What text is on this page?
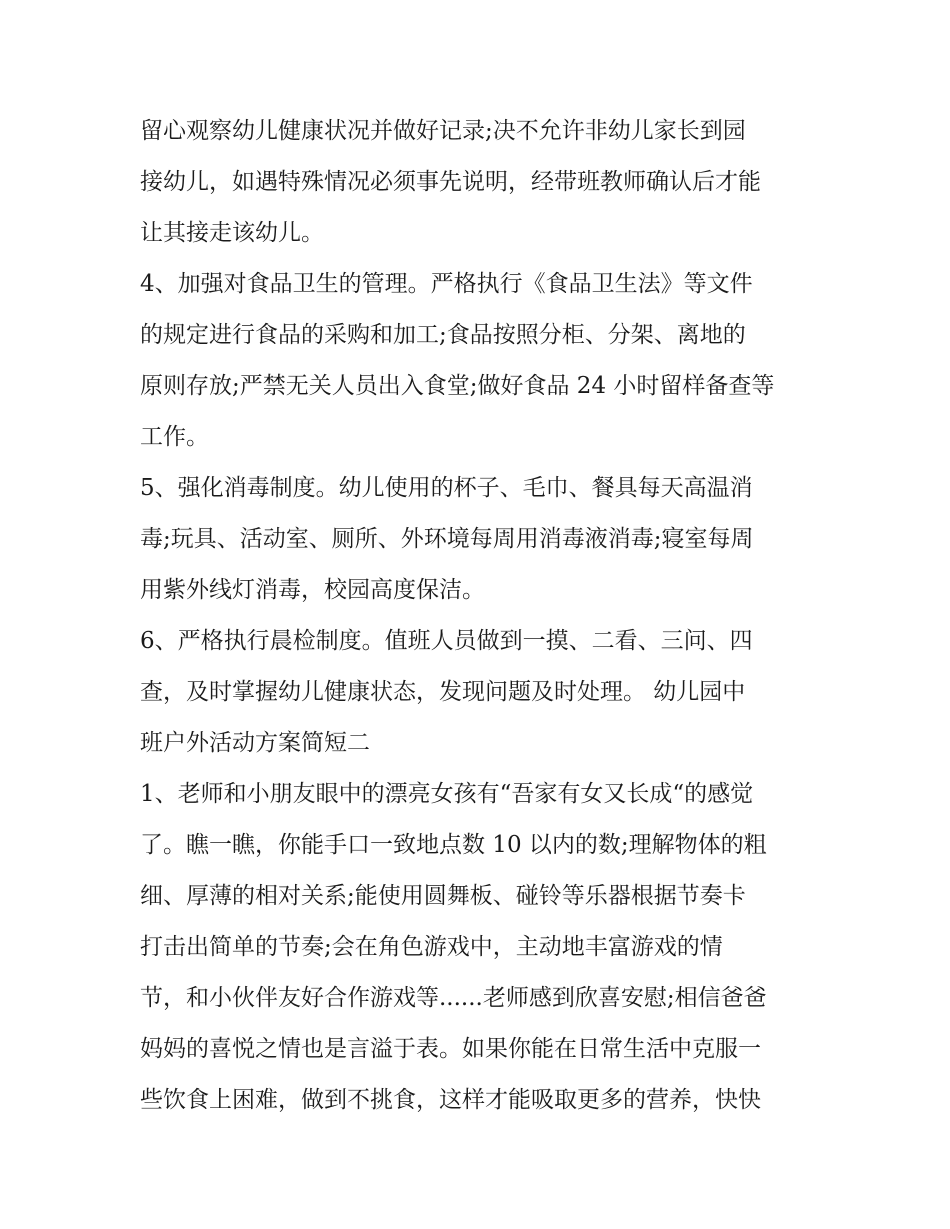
留心观察幼儿健康状况并做好记录;决不允许非幼儿家长到园
接幼儿，如遇特殊情况必须事先说明，经带班教师确认后才能
让其接走该幼儿。
4、加强对食品卫生的管理。严格执行《食品卫生法》等文件
的规定进行食品的采购和加工;食品按照分柜、分架、离地的
原则存放;严禁无关人员出入食堂;做好食品 24 小时留样备查等
工作。
5、强化消毒制度。幼儿使用的杯子、毛巾、餐具每天高温消
毒;玩具、活动室、厕所、外环境每周用消毒液消毒;寝室每周
用紫外线灯消毒，校园高度保洁。
6、严格执行晨检制度。值班人员做到一摸、二看、三问、四
查，及时掌握幼儿健康状态，发现问题及时处理。 幼儿园中
班户外活动方案简短二
1、老师和小朋友眼中的漂亮女孩有“吾家有女又长成“的感觉
了。瞧一瞧，你能手口一致地点数 10 以内的数;理解物体的粗
细、厚薄的相对关系;能使用圆舞板、碰铃等乐器根据节奏卡
打击出简单的节奏;会在角色游戏中，主动地丰富游戏的情
节，和小伙伴友好合作游戏等......老师感到欣喜安慰;相信爸爸
妈妈的喜悦之情也是言溢于表。如果你能在日常生活中克服一
些饮食上困难，做到不挑食，这样才能吸取更多的营养，快快
